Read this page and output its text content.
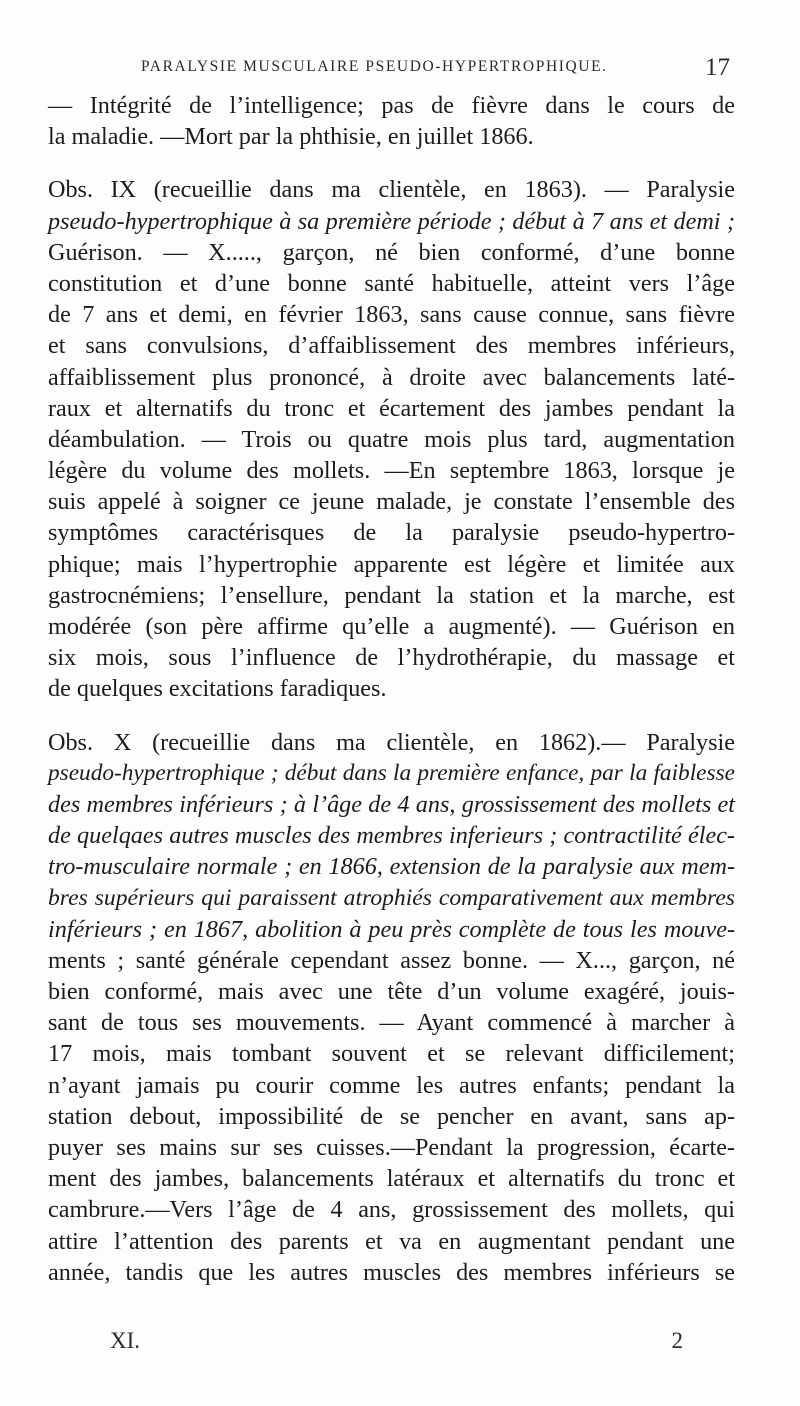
PARALYSIE MUSCULAIRE PSEUDO-HYPERTROPHIQUE.	17
— Intégrité de l’intelligence; pas de fièvre dans le cours de
la maladie. —Mort par la phthisie, en juillet 1866.
Obs. IX (recueillie dans ma clientèle, en 1863). — Paralysie
pseudo-hypertrophique à sa première période ; début à 7 ans et demi ;
Guérison. — X....., garçon, né bien conformé, d’une bonne
constitution et d’une bonne santé habituelle, atteint vers l’âge
de 7 ans et demi, en février 1863, sans cause connue, sans fièvre
et sans convulsions, d’affaiblissement des membres inférieurs,
affaiblissement plus prononcé, à droite avec balancements laté-
raux et alternatifs du tronc et écartement des jambes pendant la
déambulation. — Trois ou quatre mois plus tard, augmentation
légère du volume des mollets. —En septembre 1863, lorsque je
suis appelé à soigner ce jeune malade, je constate l’ensemble des
symptômes caractérisques de la paralysie pseudo-hypertro-
phique; mais l’hypertrophie apparente est légère et limitée aux
gastrocnémiens; l’ensellure, pendant la station et la marche, est
modérée (son père affirme qu’elle a augmenté). — Guérison en
six mois, sous l’influence de l’hydrothérapie, du massage et
de quelques excitations faradiques.
Obs. X (recueillie dans ma clientèle, en 1862).— Paralysie
pseudo-hypertrophique ; début dans la première enfance, par la faiblesse
des membres inférieurs ; à l’âge de 4 ans, grossissement des mollets et
de quelqaes autres muscles des membres inferieurs ; contractilité élec-
tro-musculaire normale ; en 1866, extension de la paralysie aux mem-
bres supérieurs qui paraissent atrophiés comparativement aux membres
inférieurs ; en 1867, abolition à peu près complète de tous les mouve-
ments ; santé générale cependant assez bonne. — X..., garçon, né
bien conformé, mais avec une tête d’un volume exagéré, jouis-
sant de tous ses mouvements. — Ayant commencé à marcher à
17 mois, mais tombant souvent et se relevant difficilement;
n’ayant jamais pu courir comme les autres enfants; pendant la
station debout, impossibilité de se pencher en avant, sans ap-
puyer ses mains sur ses cuisses.—Pendant la progression, écarte-
ment des jambes, balancements latéraux et alternatifs du tronc et
cambrure.—Vers l’âge de 4 ans, grossissement des mollets, qui
attire l’attention des parents et va en augmentant pendant une
année, tandis que les autres muscles des membres inférieurs se
XI.	2
